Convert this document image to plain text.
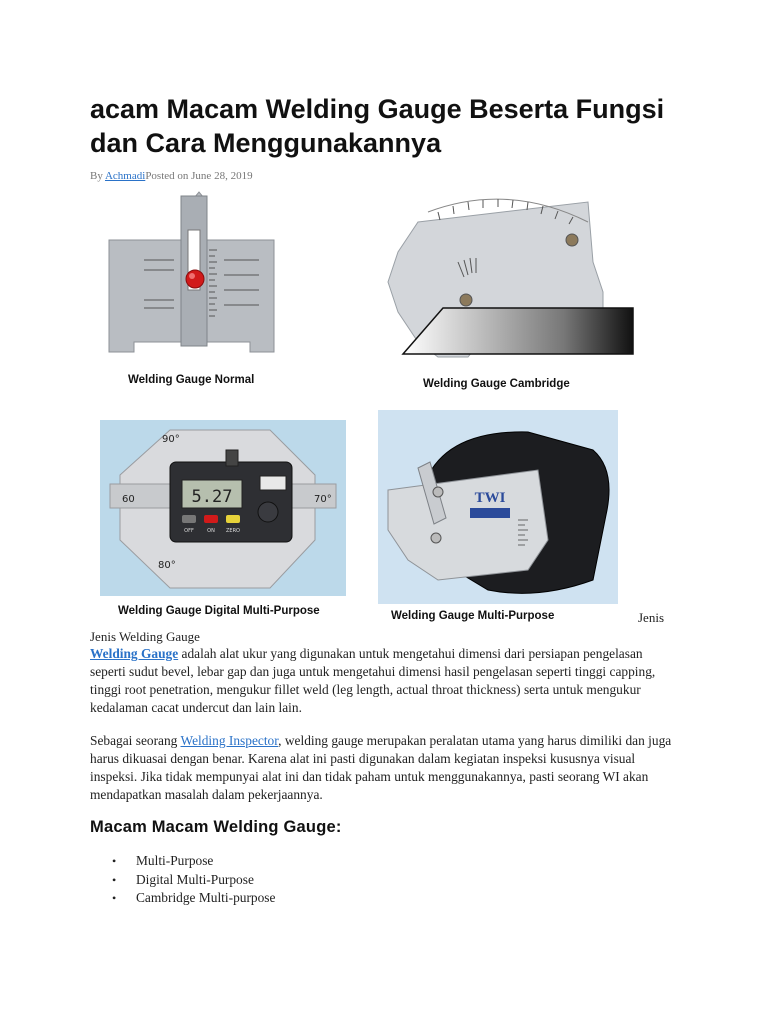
acam Macam Welding Gauge Beserta Fungsi dan Cara Menggunakannya
By AchmadiPosted on June 28, 2019
Welding Gauge Normal	Welding Gauge Cambridge
5.27
OFF	ON ZERO
90°
60	70°
80°
Welding Gauge Digital Multi-Purpose
TWI
Welding Gauge Multi-Purpose	Jenis
Jenis Welding Gauge

Welding Gauge adalah alat ukur yang digunakan untuk mengetahui dimensi dari persiapan pengelasan seperti sudut bevel, lebar gap dan juga untuk mengetahui dimensi hasil pengelasan seperti tinggi capping, tinggi root penetration, mengukur fillet weld (leg length, actual throat thickness) serta untuk mengukur kedalaman cacat undercut dan lain lain.

Sebagai seorang Welding Inspector, welding gauge merupakan peralatan utama yang harus dimiliki dan juga harus dikuasai dengan benar. Karena alat ini pasti digunakan dalam kegiatan inspeksi kususnya visual inspeksi. Jika tidak mempunyai alat ini dan tidak paham untuk menggunakannya, pasti seorang WI akan mendapatkan masalah dalam pekerjaannya.

Macam Macam Welding Gauge:
• Multi-Purpose
• Digital Multi-Purpose
• Cambridge Multi-purpose
